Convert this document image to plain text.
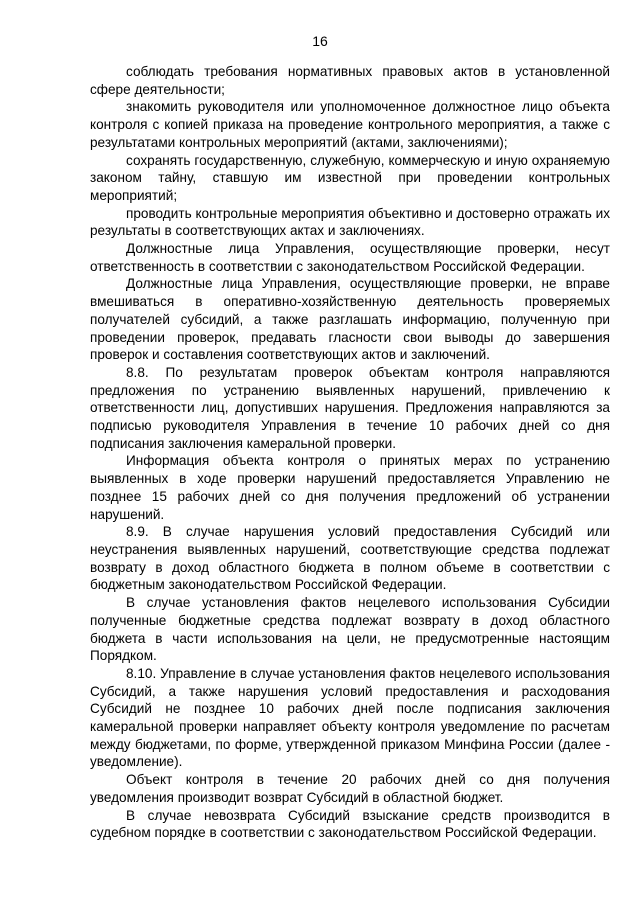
16

соблюдать требования нормативных правовых актов в установленной сфере деятельности;

знакомить руководителя или уполномоченное должностное лицо объекта контроля с копией приказа на проведение контрольного мероприятия, а также с результатами контрольных мероприятий (актами, заключениями);

сохранять государственную, служебную, коммерческую и иную охраняемую законом тайну, ставшую им известной при проведении контрольных мероприятий;

проводить контрольные мероприятия объективно и достоверно отражать их результаты в соответствующих актах и заключениях.

Должностные лица Управления, осуществляющие проверки, несут ответственность в соответствии с законодательством Российской Федерации.

Должностные лица Управления, осуществляющие проверки, не вправе вмешиваться в оперативно-хозяйственную деятельность проверяемых получателей субсидий, а также разглашать информацию, полученную при проведении проверок, предавать гласности свои выводы до завершения проверок и составления соответствующих актов и заключений.

8.8. По результатам проверок объектам контроля направляются предложения по устранению выявленных нарушений, привлечению к ответственности лиц, допустивших нарушения. Предложения направляются за подписью руководителя Управления в течение 10 рабочих дней со дня подписания заключения камеральной проверки.

Информация объекта контроля о принятых мерах по устранению выявленных в ходе проверки нарушений предоставляется Управлению не позднее 15 рабочих дней со дня получения предложений об устранении нарушений.

8.9. В случае нарушения условий предоставления Субсидий или неустранения выявленных нарушений, соответствующие средства подлежат возврату в доход областного бюджета в полном объеме в соответствии с бюджетным законодательством Российской Федерации.

В случае установления фактов нецелевого использования Субсидии полученные бюджетные средства подлежат возврату в доход областного бюджета в части использования на цели, не предусмотренные настоящим Порядком.

8.10. Управление в случае установления фактов нецелевого использования Субсидий, а также нарушения условий предоставления и расходования Субсидий не позднее 10 рабочих дней после подписания заключения камеральной проверки направляет объекту контроля уведомление по расчетам между бюджетами, по форме, утвержденной приказом Минфина России (далее - уведомление).

Объект контроля в течение 20 рабочих дней со дня получения уведомления производит возврат Субсидий в областной бюджет.

В случае невозврата Субсидий взыскание средств производится в судебном порядке в соответствии с законодательством Российской Федерации.
